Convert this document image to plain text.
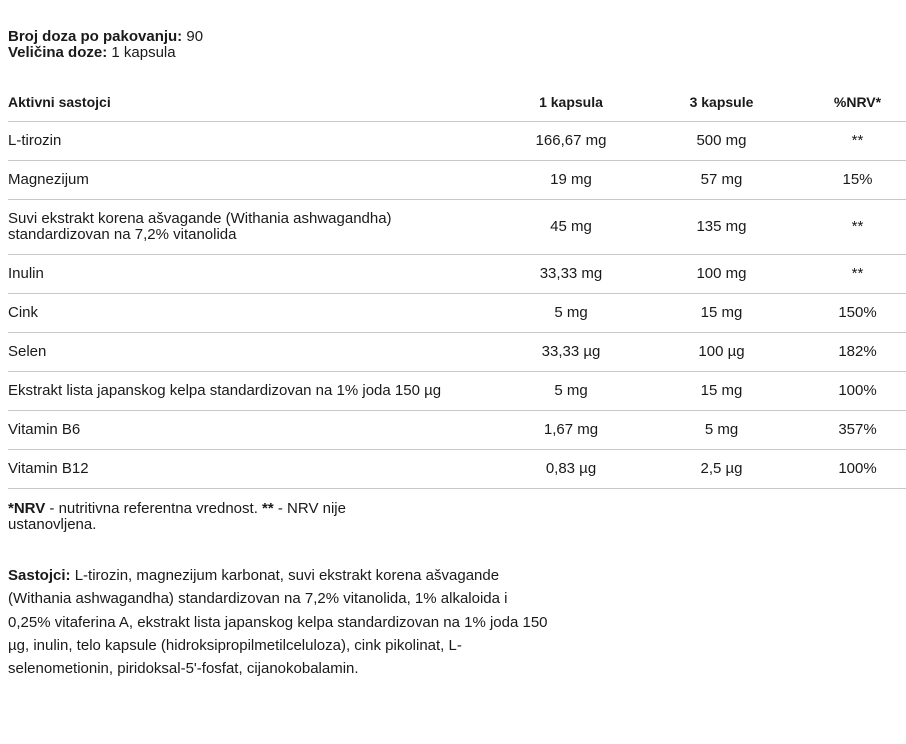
Broj doza po pakovanju: 90
Veličina doze: 1 kapsula
Aktivni sastojci	1 kapsula	3 kapsule	%NRV*
L-tirozin	166,67 mg	500 mg	**
Magnezijum	19 mg	57 mg	15%

Suvi ekstrakt korena ašvagande (Withania ashwagandha)
standardizovan na 7,2% vitanolida	45 mg	135 mg	**
Inulin	33,33 mg	100 mg	**
Cink	5 mg	15 mg	150%
Selen	33,33 µg	100 µg	182%
Ekstrakt lista japanskog kelpa standardizovan na 1% joda 150 µg	5 mg	15 mg	100%
Vitamin B6	1,67 mg	5 mg	357%
Vitamin B12	0,83 µg	2,5 µg	100%
*NRV - nutritivna referentna vrednost. ** - NRV nije ustanovljena.
Sastojci: L-tirozin, magnezijum karbonat, suvi ekstrakt korena ašvagande (Withania ashwagandha) standardizovan na 7,2% vitanolida, 1% alkaloida i 0,25% vitaferina A, ekstrakt lista japanskog kelpa standardizovan na 1% joda 150 µg, inulin, telo kapsule (hidroksipropilmetilceluloza), cink pikolinat, L-selenometionin, piridoksal-5'-fosfat, cijanokobalamin.
